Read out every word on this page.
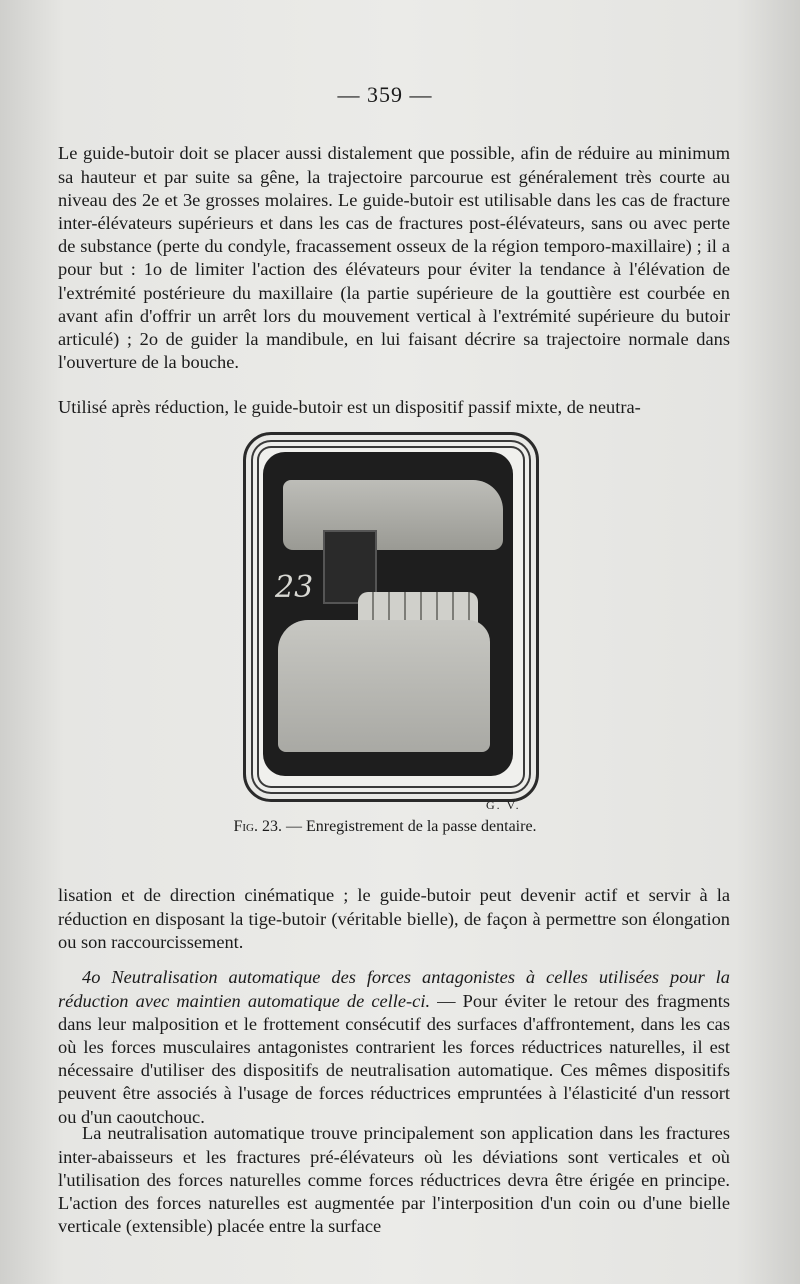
— 359 —

Le guide-butoir doit se placer aussi distalement que possible, afin de réduire au minimum sa hauteur et par suite sa gêne, la trajectoire parcourue est généralement très courte au niveau des 2e et 3e grosses molaires. Le guide-butoir est utilisable dans les cas de fracture inter-élévateurs supérieurs et dans les cas de fractures post-élévateurs, sans ou avec perte de substance (perte du condyle, fracassement osseux de la région temporo-maxillaire) ; il a pour but : 1o de limiter l'action des élévateurs pour éviter la tendance à l'élévation de l'extrémité postérieure du maxillaire (la partie supérieure de la gouttière est courbée en avant afin d'offrir un arrêt lors du mouvement vertical à l'extrémité supérieure du butoir articulé) ; 2o de guider la mandibule, en lui faisant décrire sa trajectoire normale dans l'ouverture de la bouche.

Utilisé après réduction, le guide-butoir est un dispositif passif mixte, de neutra-

23
G. V.
Fig. 23. — Enregistrement de la passe dentaire.

lisation et de direction cinématique ; le guide-butoir peut devenir actif et servir à la réduction en disposant la tige-butoir (véritable bielle), de façon à permettre son élongation ou son raccourcissement.

4o Neutralisation automatique des forces antagonistes à celles utilisées pour la réduction avec maintien automatique de celle-ci. — Pour éviter le retour des fragments dans leur malposition et le frottement consécutif des surfaces d'affrontement, dans les cas où les forces musculaires antagonistes contrarient les forces réductrices naturelles, il est nécessaire d'utiliser des dispositifs de neutralisation automatique. Ces mêmes dispositifs peuvent être associés à l'usage de forces réductrices empruntées à l'élasticité d'un ressort ou d'un caoutchouc.

La neutralisation automatique trouve principalement son application dans les fractures inter-abaisseurs et les fractures pré-élévateurs où les déviations sont verticales et où l'utilisation des forces naturelles comme forces réductrices devra être érigée en principe. L'action des forces naturelles est augmentée par l'interposition d'un coin ou d'une bielle verticale (extensible) placée entre la surface
